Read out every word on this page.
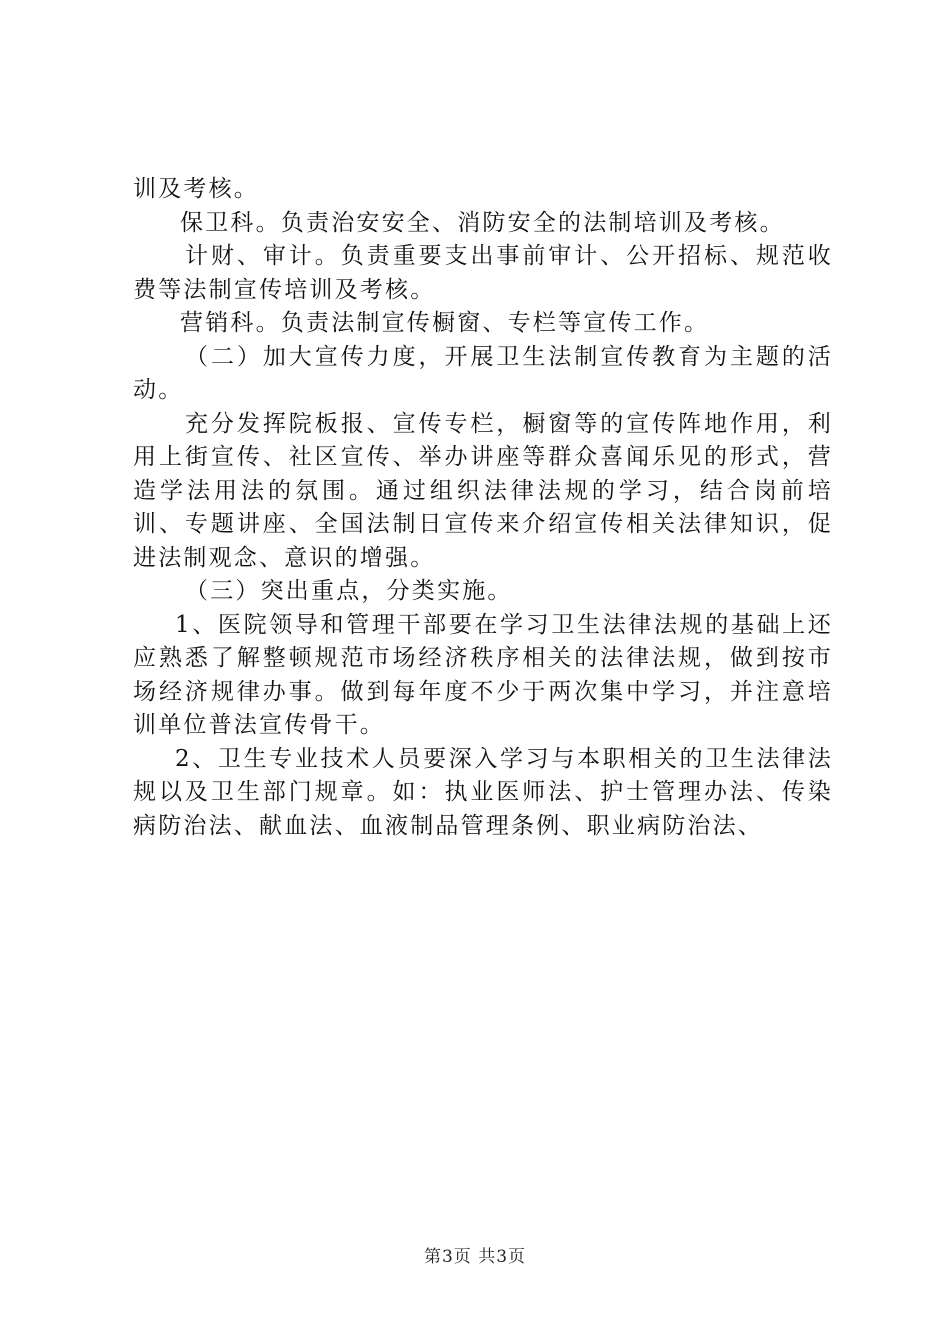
训及考核。

保卫科。负责治安安全、消防安全的法制培训及考核。

计财、审计。负责重要支出事前审计、公开招标、规范收费等法制宣传培训及考核。

营销科。负责法制宣传橱窗、专栏等宣传工作。

（二）加大宣传力度，开展卫生法制宣传教育为主题的活动。

充分发挥院板报、宣传专栏，橱窗等的宣传阵地作用，利用上街宣传、社区宣传、举办讲座等群众喜闻乐见的形式，营造学法用法的氛围。通过组织法律法规的学习，结合岗前培训、专题讲座、全国法制日宣传来介绍宣传相关法律知识，促进法制观念、意识的增强。

（三）突出重点，分类实施。

1、医院领导和管理干部要在学习卫生法律法规的基础上还应熟悉了解整顿规范市场经济秩序相关的法律法规，做到按市场经济规律办事。做到每年度不少于两次集中学习，并注意培训单位普法宣传骨干。

2、卫生专业技术人员要深入学习与本职相关的卫生法律法规以及卫生部门规章。如：执业医师法、护士管理办法、传染病防治法、献血法、血液制品管理条例、职业病防治法、

第3页 共3页
